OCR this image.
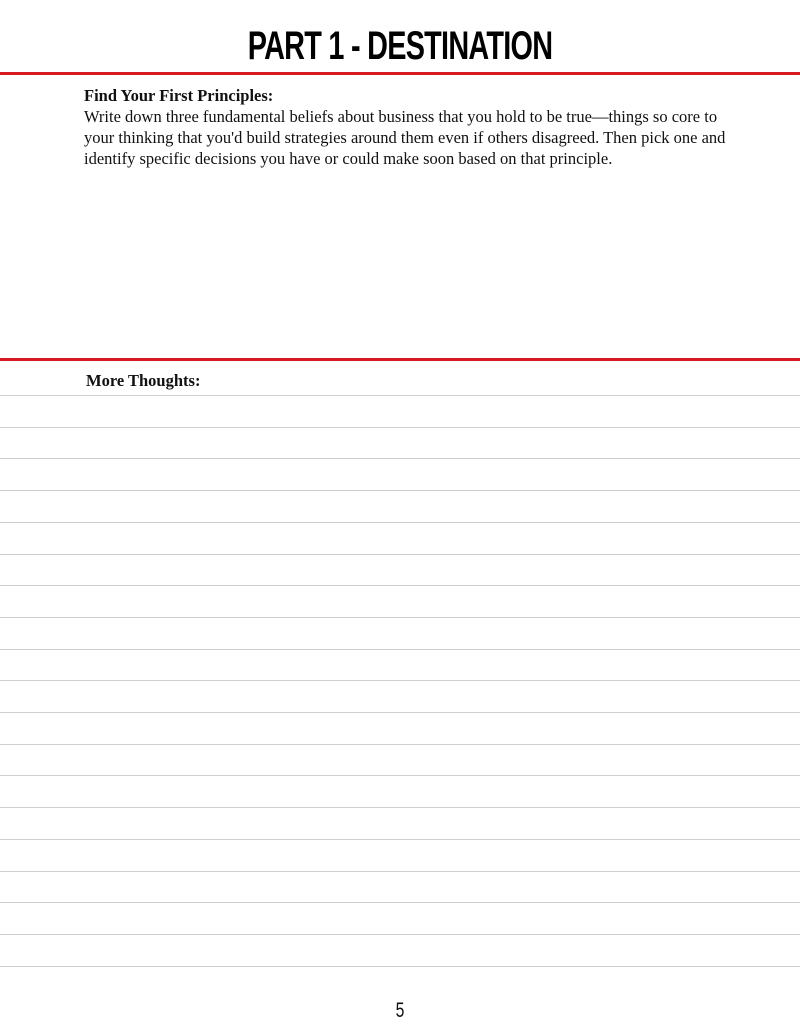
PART 1 - DESTINATION
Find Your First Principles:
Write down three fundamental beliefs about business that you hold to be true—things so core to your thinking that you'd build strategies around them even if others disagreed. Then pick one and identify specific decisions you have or could make soon based on that principle.
More Thoughts:
5
